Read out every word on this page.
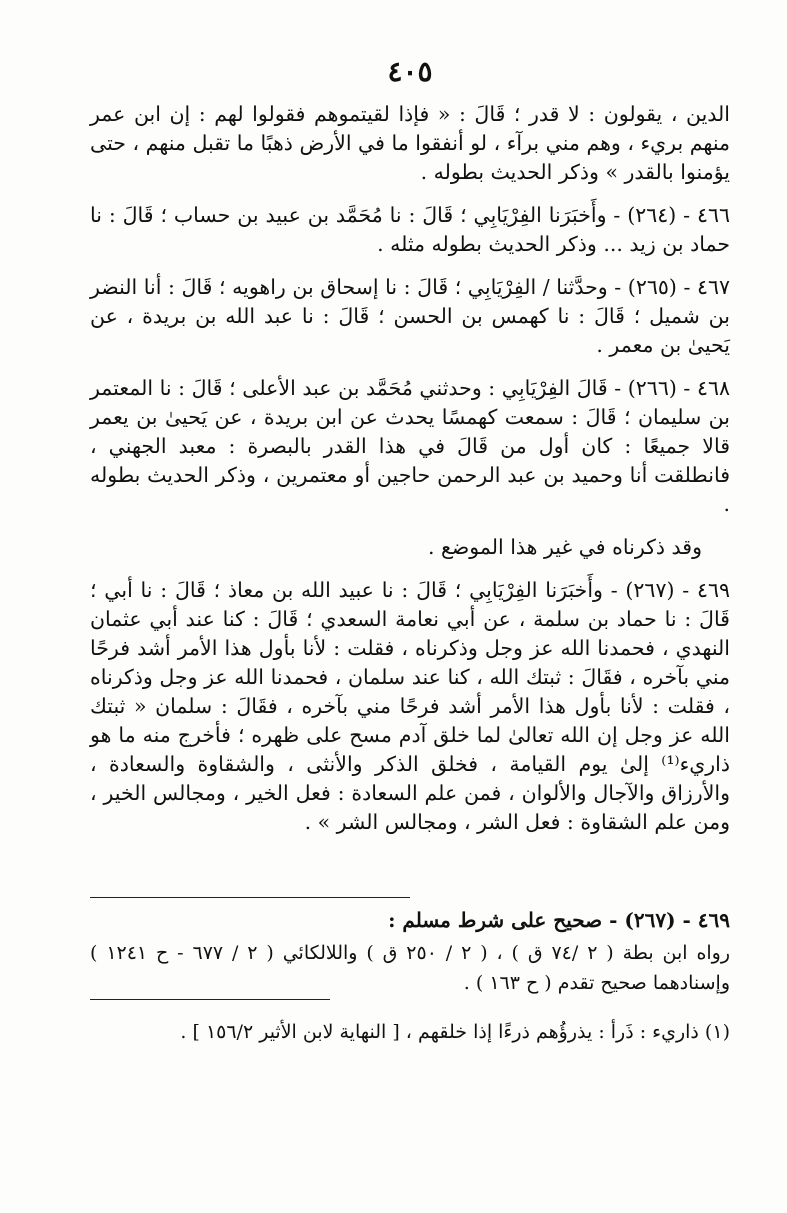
٤٠٥

الدين ، يقولون : لا قدر ؛ قَالَ : « فإذا لقيتموهم فقولوا لهم : إن ابن عمر منهم بريء ، وهم مني برآء ، لو أنفقوا ما في الأرض ذهبًا ما تقبل منهم ، حتى يؤمنوا بالقدر » وذكر الحديث بطوله .

٤٦٦ - (٢٦٤) - وأَخبَرَنا الفِرْيَابِي ؛ قَالَ : نا مُحَمَّد بن عبيد بن حساب ؛ قَالَ : نا حماد بن زيد ... وذكر الحديث بطوله مثله .

٤٦٧ - (٢٦٥) - وحدَّثنا / الفِرْيَابِي ؛ قَالَ : نا إسحاق بن راهويه ؛ قَالَ : أنا النضر بن شميل ؛ قَالَ : نا كهمس بن الحسن ؛ قَالَ : نا عبد الله بن بريدة ، عن يَحيىٰ بن معمر .

٤٦٨ - (٢٦٦) - قَالَ الفِرْيَابِي : وحدثني مُحَمَّد بن عبد الأعلى ؛ قَالَ : نا المعتمر بن سليمان ؛ قَالَ : سمعت كهمسًا يحدث عن ابن بريدة ، عن يَحيىٰ بن يعمر قالا جميعًا : كان أول من قَالَ في هذا القدر بالبصرة : معبد الجهني ، فانطلقت أنا وحميد بن عبد الرحمن حاجين أو معتمرين ، وذكر الحديث بطوله .

وقد ذكرناه في غير هذا الموضع .

٤٦٩ - (٢٦٧) - وأَخبَرَنا الفِرْيَابِي ؛ قَالَ : نا عبيد الله بن معاذ ؛ قَالَ : نا أبي ؛ قَالَ : نا حماد بن سلمة ، عن أبي نعامة السعدي ؛ قَالَ : كنا عند أبي عثمان النهدي ، فحمدنا الله عز وجل وذكرناه ، فقلت : لأنا بأول هذا الأمر أشد فرحًا مني بآخره ، فقَالَ : ثبتك الله ، كنا عند سلمان ، فحمدنا الله عز وجل وذكرناه ، فقلت : لأنا بأول هذا الأمر أشد فرحًا مني بآخره ، فقَالَ : سلمان « ثبتك الله عز وجل إن الله تعالىٰ لما خلق آدم مسح على ظهره ؛ فأخرج منه ما هو ذاريء⁽¹⁾ إلىٰ يوم القيامة ، فخلق الذكر والأنثى ، والشقاوة والسعادة ، والأرزاق والآجال والألوان ، فمن علم السعادة : فعل الخير ، ومجالس الخير ، ومن علم الشقاوة : فعل الشر ، ومجالس الشر » .

٤٦٩ - (٢٦٧) - صحيح على شرط مسلم :
رواه ابن بطة ( ٢ /٧٤ ق ) ، ( ٢ / ٢٥٠ ق ) واللالكائي ( ٢ / ٦٧٧ - ح ١٢٤١ ) وإسنادهما صحيح تقدم ( ح ١٦٣ ) .
(١) ذاريء : ذَرأ : يذرؤُهم ذرءًا إذا خلقهم ، [ النهاية لابن الأثير ١٥٦/٢ ] .
